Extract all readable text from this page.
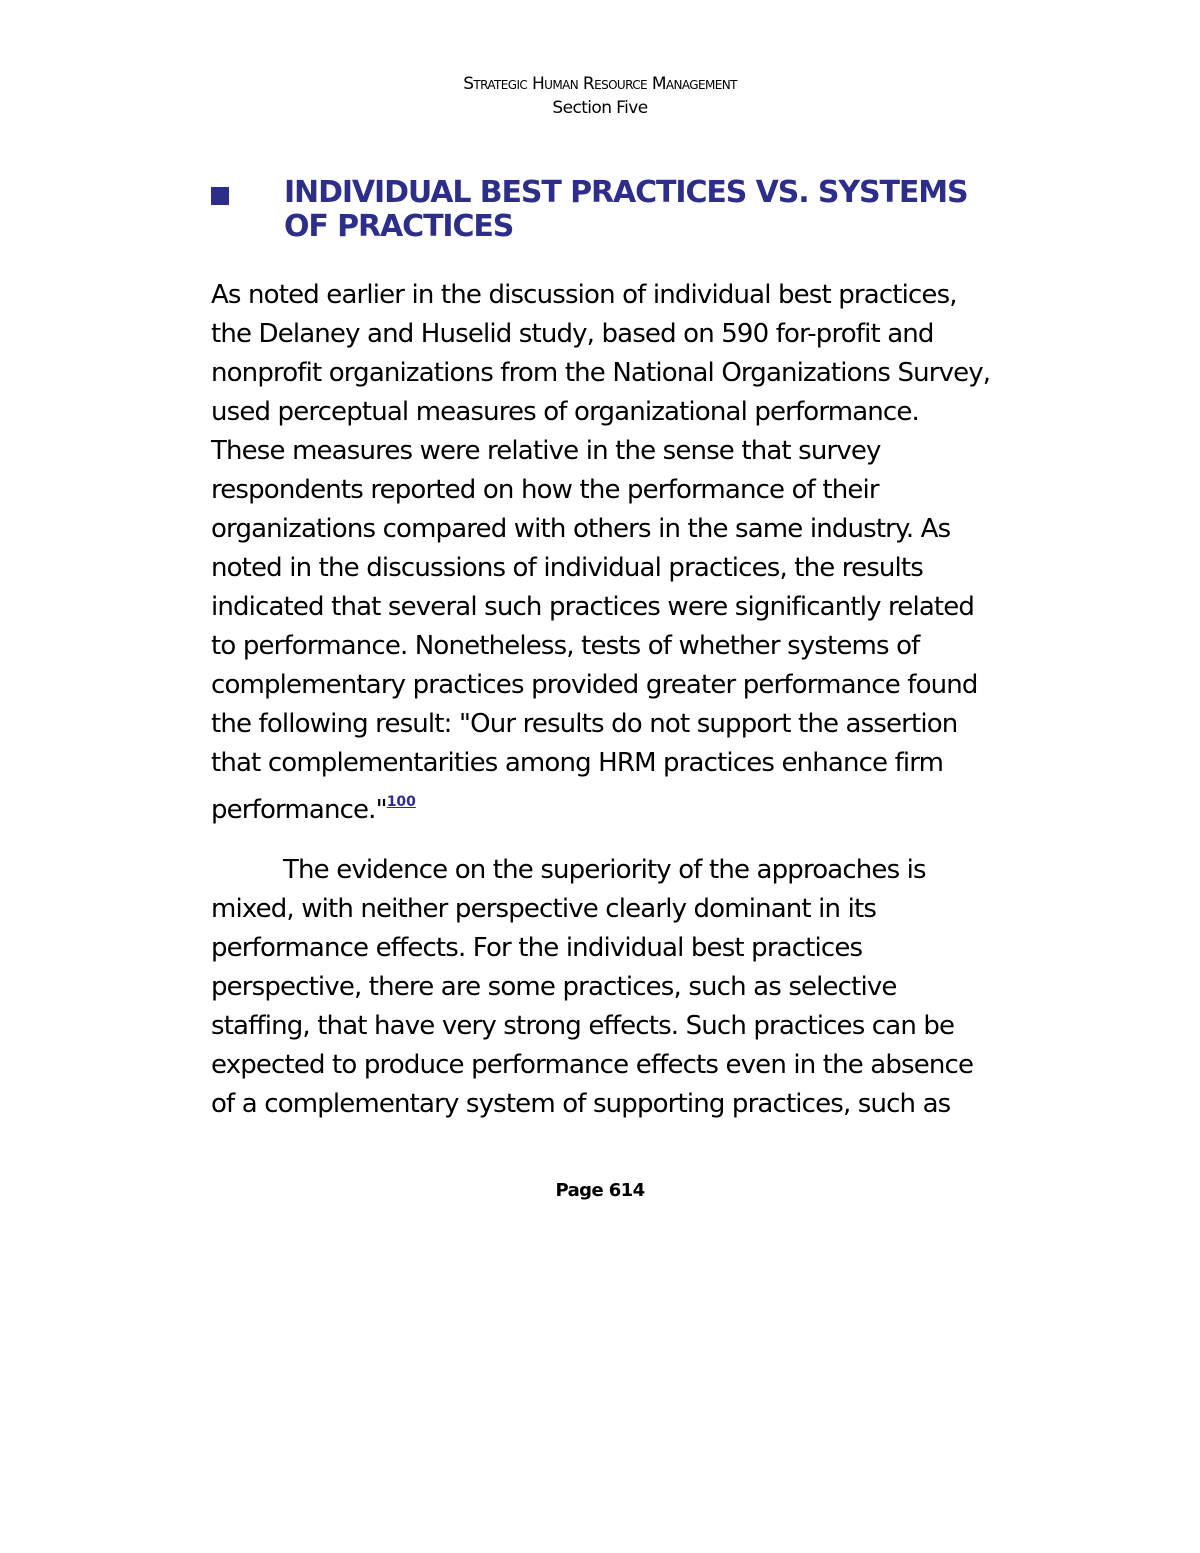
Strategic Human Resource Management
Section Five
INDIVIDUAL BEST PRACTICES VS. SYSTEMS
OF PRACTICES
As noted earlier in the discussion of individual best practices,
the Delaney and Huselid study, based on 590 for-profit and
nonprofit organizations from the National Organizations Survey,
used perceptual measures of organizational performance.
These measures were relative in the sense that survey
respondents reported on how the performance of their
organizations compared with others in the same industry. As
noted in the discussions of individual practices, the results
indicated that several such practices were significantly related
to performance. Nonetheless, tests of whether systems of
complementary practices provided greater performance found
the following result: "Our results do not support the assertion
that complementarities among HRM practices enhance firm
performance."$^{100}$
The evidence on the superiority of the approaches is
mixed, with neither perspective clearly dominant in its
performance effects. For the individual best practices
perspective, there are some practices, such as selective
staffing, that have very strong effects. Such practices can be
expected to produce performance effects even in the absence
of a complementary system of supporting practices, such as
Page 614
